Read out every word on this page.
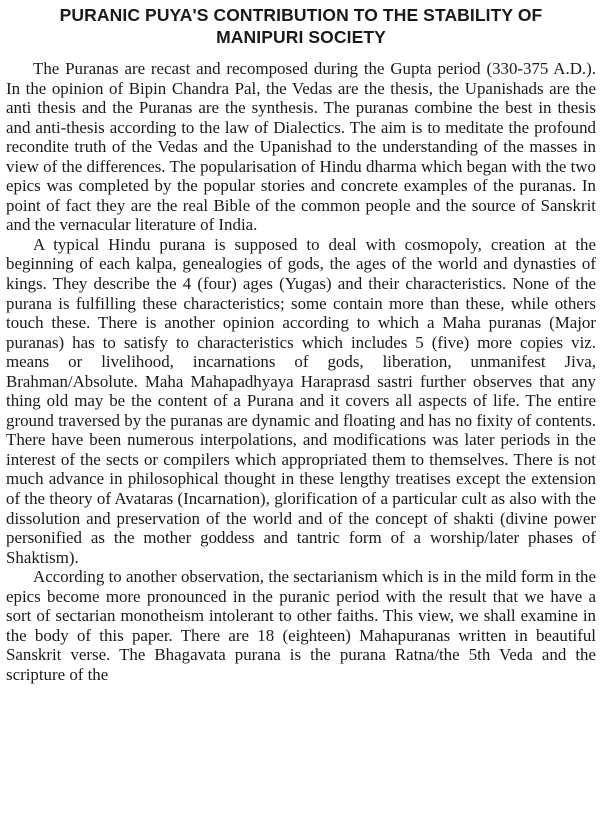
PURANIC PUYA'S CONTRIBUTION TO THE STABILITY OF
MANIPURI SOCIETY

The Puranas are recast and recomposed during the Gupta period (330-375 A.D.). In the opinion of Bipin Chandra Pal, the Vedas are the thesis, the Upanishads are the anti thesis and the Puranas are the synthesis. The puranas combine the best in thesis and anti-thesis according to the law of Dialectics. The aim is to meditate the profound recondite truth of the Vedas and the Upanishad to the understanding of the masses in view of the differences. The popularisation of Hindu dharma which began with the two epics was completed by the popular stories and concrete examples of the puranas. In point of fact they are the real Bible of the common people and the source of Sanskrit and the vernacular literature of India.

A typical Hindu purana is supposed to deal with cosmopoly, creation at the beginning of each kalpa, genealogies of gods, the ages of the world and dynasties of kings. They describe the 4 (four) ages (Yugas) and their characteristics. None of the purana is fulfilling these characteristics; some contain more than these, while others touch these. There is another opinion according to which a Maha puranas (Major puranas) has to satisfy to characteristics which includes 5 (five) more copies viz. means or livelihood, incarnations of gods, liberation, unmanifest Jiva, Brahman/Absolute. Maha Mahapadhyaya Haraprasd sastri further observes that any thing old may be the content of a Purana and it covers all aspects of life. The entire ground traversed by the puranas are dynamic and floating and has no fixity of contents. There have been numerous interpolations, and modifications was later periods in the interest of the sects or compilers which appropriated them to themselves. There is not much advance in philosophical thought in these lengthy treatises except the extension of the theory of Avataras (Incarnation), glorification of a particular cult as also with the dissolution and preservation of the world and of the concept of shakti (divine power personified as the mother goddess and tantric form of a worship/later phases of Shaktism).

According to another observation, the sectarianism which is in the mild form in the epics become more pronounced in the puranic period with the result that we have a sort of sectarian monotheism intolerant to other faiths. This view, we shall examine in the body of this paper. There are 18 (eighteen) Mahapuranas written in beautiful Sanskrit verse. The Bhagavata purana is the purana Ratna/the 5th Veda and the scripture of the
